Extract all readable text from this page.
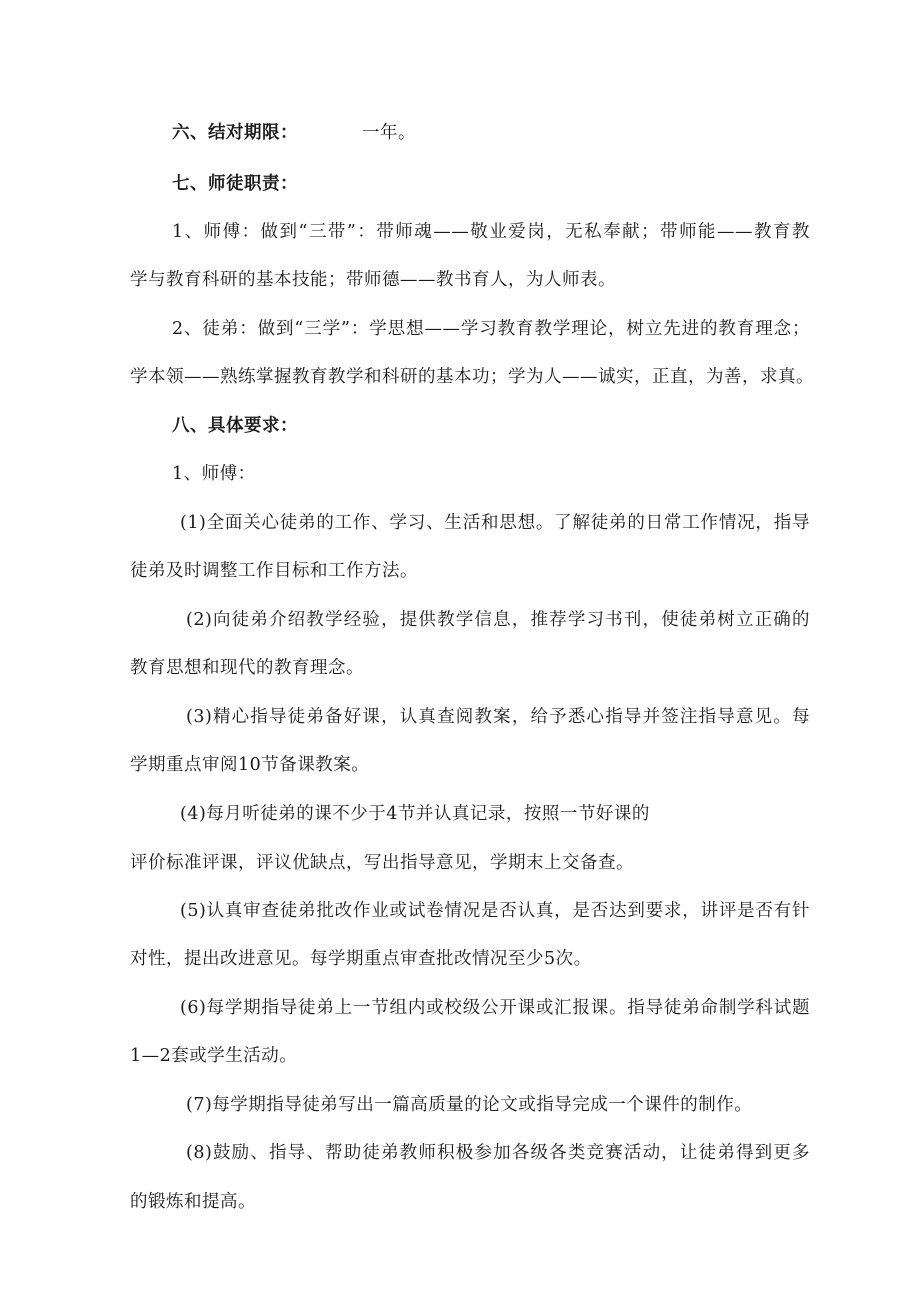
六、结对期限：	一年。
七、师徒职责：
1、师傅：做到“三带”：带师魂——敬业爱岗，无私奉献；带师能——教育教
学与教育科研的基本技能；带师德——教书育人，为人师表。
2、徒弟：做到“三学”：学思想——学习教育教学理论，树立先进的教育理念；
学本领——熟练掌握教育教学和科研的基本功；学为人——诚实，正直，为善，求真。
八、具体要求：
1、师傅：
(1)全面关心徒弟的工作、学习、生活和思想。了解徒弟的日常工作情况，指导
徒弟及时调整工作目标和工作方法。
(2)向徒弟介绍教学经验，提供教学信息，推荐学习书刊，使徒弟树立正确的
教育思想和现代的教育理念。
(3)精心指导徒弟备好课，认真查阅教案，给予悉心指导并签注指导意见。每
学期重点审阅10节备课教案。
(4)每月听徒弟的课不少于4节并认真记录，按照一节好课的
评价标准评课，评议优缺点，写出指导意见，学期末上交备查。
(5)认真审查徒弟批改作业或试卷情况是否认真，是否达到要求，讲评是否有针
对性，提出改进意见。每学期重点审查批改情况至少5次。
(6)每学期指导徒弟上一节组内或校级公开课或汇报课。指导徒弟命制学科试题
1—2套或学生活动。
(7)每学期指导徒弟写出一篇高质量的论文或指导完成一个课件的制作。
(8)鼓励、指导、帮助徒弟教师积极参加各级各类竞赛活动，让徒弟得到更多
的锻炼和提高。
